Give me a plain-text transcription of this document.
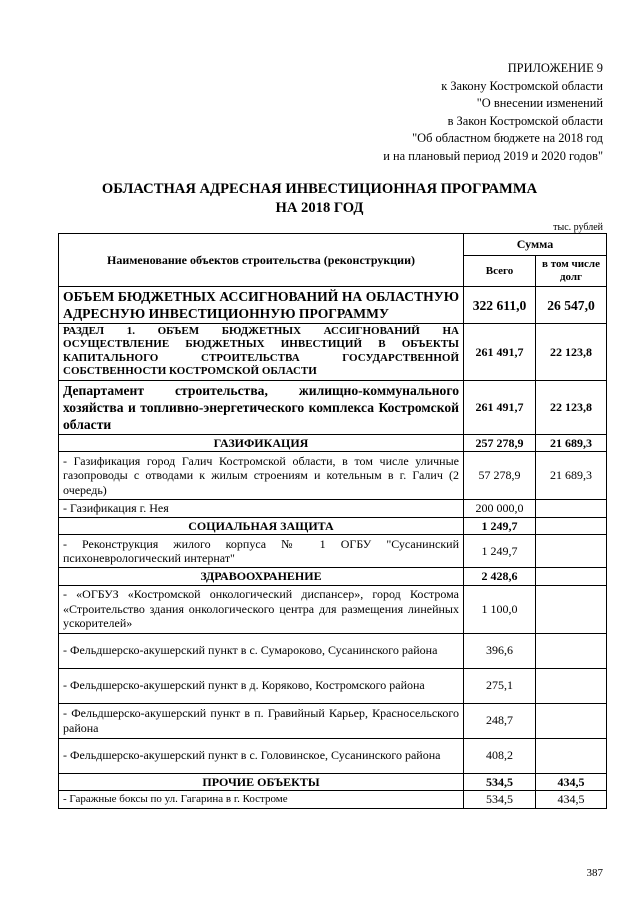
ПРИЛОЖЕНИЕ 9
к Закону Костромской области
"О внесении изменений
в Закон Костромской области
"Об областном бюджете на 2018 год
и на плановый период 2019 и 2020 годов"
ОБЛАСТНАЯ АДРЕСНАЯ ИНВЕСТИЦИОННАЯ ПРОГРАММА
НА 2018 ГОД
тыс. рублей
Наименование объектов строительства (реконструкции)	Сумма	
	Всего	в том числе долг
ОБЪЕМ БЮДЖЕТНЫХ АССИГНОВАНИЙ НА ОБЛАСТНУЮ АДРЕСНУЮ ИНВЕСТИЦИОННУЮ ПРОГРАММУ	322 611,0	26 547,0
РАЗДЕЛ 1. ОБЪЕМ БЮДЖЕТНЫХ АССИГНОВАНИЙ НА ОСУЩЕСТВЛЕНИЕ БЮДЖЕТНЫХ ИНВЕСТИЦИЙ В ОБЪЕКТЫ КАПИТАЛЬНОГО СТРОИТЕЛЬСТВА ГОСУДАРСТВЕННОЙ СОБСТВЕННОСТИ КОСТРОМСКОЙ ОБЛАСТИ	261 491,7	22 123,8
Департамент строительства, жилищно-коммунального хозяйства и топливно-энергетического комплекса Костромской области	261 491,7	22 123,8
ГАЗИФИКАЦИЯ	257 278,9	21 689,3
- Газификация город Галич Костромской области, в том числе уличные газопроводы с отводами к жилым строениям и котельным в г. Галич (2 очередь)	57 278,9	21 689,3
- Газификация г. Нея	200 000,0	
СОЦИАЛЬНАЯ ЗАЩИТА	1 249,7	
- Реконструкция жилого корпуса № 1 ОГБУ "Сусанинский психоневрологический интернат"	1 249,7	
ЗДРАВООХРАНЕНИЕ	2 428,6	
- «ОГБУЗ «Костромской онкологический диспансер», город Кострома «Строительство здания онкологического центра для размещения линейных ускорителей»	1 100,0	
- Фельдшерско-акушерский пункт в с. Сумароково, Сусанинского района	396,6	
- Фельдшерско-акушерский пункт в д. Коряково, Костромского района	275,1	
- Фельдшерско-акушерский пункт в п. Гравийный Карьер, Красносельского района	248,7	
- Фельдшерско-акушерский пункт в с. Головинское, Сусанинского района	408,2	
ПРОЧИЕ ОБЪЕКТЫ	534,5	434,5
- Гаражные боксы по ул. Гагарина в г. Костроме	534,5	434,5
387
